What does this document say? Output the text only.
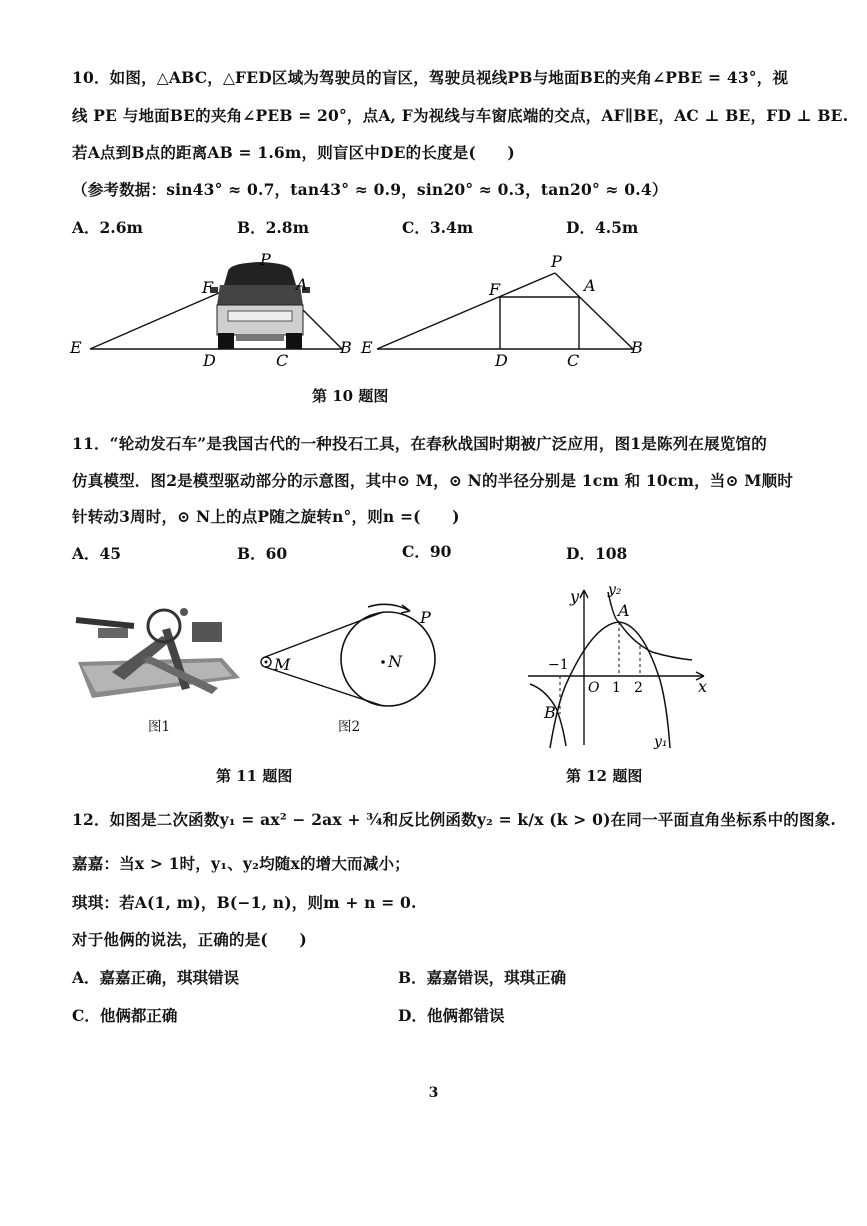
10．如图，△ABC，△FED区域为驾驶员的盲区，驾驶员视线PB与地面BE的夹角∠PBE = 43°，视
线 PE 与地面BE的夹角∠PEB = 20°，点A, F为视线与车窗底端的交点，AF∥BE，AC ⊥ BE，FD ⊥ BE.
若A点到B点的距离AB = 1.6m，则盲区中DE的长度是(　　)
（参考数据：sin43° ≈ 0.7，tan43° ≈ 0.9，sin20° ≈ 0.3，tan20° ≈ 0.4）
A．2.6m	B．2.8m	C．3.4m	D．4.5m
P
F	A
E
D	C
B
P
F	A
E
D	C
B
第 10 题图
11．“轮动发石车”是我国古代的一种投石工具，在春秋战国时期被广泛应用，图1是陈列在展览馆的
仿真模型．图2是模型驱动部分的示意图，其中⊙ M，⊙ N的半径分别是 1cm 和 10cm，当⊙ M顺时
针转动3周时，⊙ N上的点P随之旋转n°，则n =(　　)
A．45	B．60	C．90	D．108
图1
N
M
P
图2
第 11 题图
y
x
y₂
y₁
A
B
−1
O 1 2
第 12 题图
12．如图是二次函数y₁ = ax² − 2ax + ¾和反比例函数y₂ = k/x (k > 0)在同一平面直角坐标系中的图象.
嘉嘉：当x > 1时，y₁、y₂均随x的增大而减小；
琪琪：若A(1, m)，B(−1, n)，则m + n = 0.
对于他俩的说法，正确的是(　　)
A．嘉嘉正确，琪琪错误	B．嘉嘉错误，琪琪正确
C．他俩都正确	D．他俩都错误
3
